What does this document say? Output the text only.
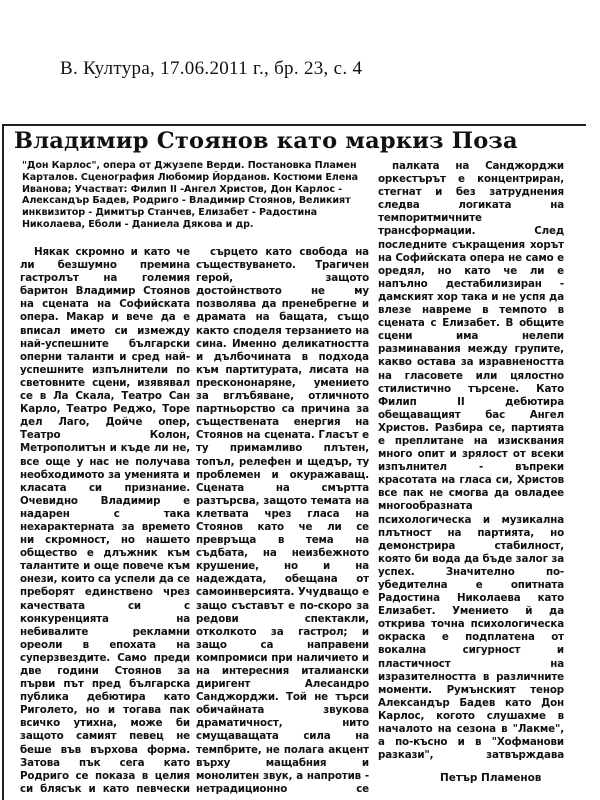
В. Култура, 17.06.2011 г., бр. 23, с. 4
Владимир Стоянов като маркиз Поза
"Дон Карлос", опера от Джузепе Верди. Постановка Пламен Карталов. Сценография Любомир Йорданов. Костюми Елена Иванова; Участват: Филип II -Ангел Христов, Дон Карлос - Александър Бадев, Родриго - Владимир Стоянов, Великият инквизитор - Димитър Станчев, Елизабет - Радостина Николаева, Еболи - Даниела Дякова и др.

Някак скромно и като че ли безшумно премина гастролът на големия баритон Владимир Стоянов на сцената на Софийската опера. Макар и вече да е вписал името си измежду най-успешните български оперни таланти и сред най-успешните изпълнители по световните сцени, изявявал се в Ла Скала, Театро Сан Карло, Театро Реджо, Торе дел Лаго, Дойче опер, Театро Колон, Метрополитън и къде ли не, все още у нас не получава необходимото за уменията и класата си признание. Очевидно Владимир е надарен с така нехарактерната за времето ни скромност, но нашето общество е длъжник към талантите и още повече към онези, които са успели да се преборят единствено чрез качествата си с конкуренцията на небивалите рекламни ореоли в епохата на суперзвездите. Само преди две години Стоянов за първи път пред българска публика дебютира като Риголето, но и тогава пак всичко утихна, може би защото самият певец не беше във върхова форма. Затова пък сега като Родриго се показа в целия си блясък и като певчески

сърцето като свобода на съществуването. Трагичен герой, защото достойнството не му позволява да пренебрегне и драмата на бащата, също както споделя терзанието на сина. Именно деликатността и дълбочината в подхода към партитурата, лисата на прескононаряне, умението за вглъбяване, отличното партньорство са причина за съществената енергия на Стоянов на сцената. Гласът е тy примамливо плътен, топъл, релефен и щедър, ту проблемен и окуражаващ. Сцената на смъртта разтърсва, защото темата на клетвата чрез гласа на Стоянов като че ли се превръща в тема на съдбата, на неизбежното крушение, но и на надеждата, обещана от самоинверсията. Учудващо е защо съставът е по-скоро за редови спектакли, отколкото за гастрол; и защо са направени компромиси при наличието и на интересния италиански диригент Алесандро Санджорджи. Той не търси обичайната звукова драматичност, нито смущаващата сила на темпбрите, не полага акцент върху мащабния и монолитен звук, а напротив - нетрадиционно се

палката на Санджорджи оркестърът е концентриран, стегнат и без затруднения следва логиката на темпоритмичните трансформации. След последните съкращения хорът на Софийската опера не само е оредял, но като че ли е напълно дестабилизиран - дамският хор така и не успя да влезе навреме в темпото в сцената с Елизабет. В общите сцени има нелепи разминавания между групите, какво остава за изравнеността на гласовете или цялостно стилистично търсене. Като Филип II дебютира обещаващият бас Ангел Христов. Разбира се, партията е преплитане на изисквания много опит и зрялост от всеки изпълнител - въпреки красотата на гласа си, Христов все пак не смогва да овладее многообразната психологическа и музикална плътност на партията, но демонстрира стабилност, която би вода да бъде залог за успех. Значително по-убедителна е опитната Радостина Николаева като Елизабет. Умението й да открива точна психологическа окраска е подплатена от вокална сигурност и пластичност на изразителността в различните моменти. Румънският тенор Александър Бадев като Дон Карлос, когото слушахме в началото на сезона в "Лакме", а по-късно и в "Хофманови разкази", затвърждава

Петър Пламенов
